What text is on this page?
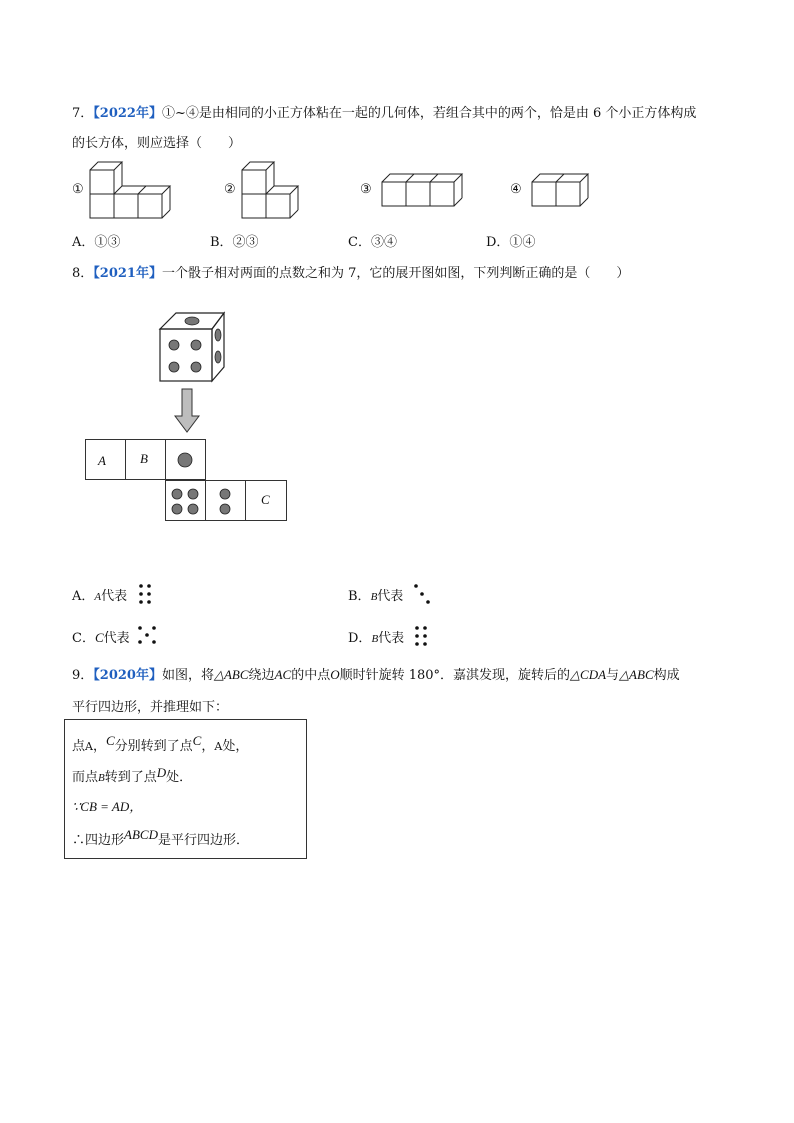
7．【2022年】①~④是由相同的小正方体粘在一起的几何体，若组合其中的两个，恰是由 6 个小正方体构成
的长方体，则应选择（　　）
①	②	③	④
A．①③	B．②③	C．③④	D．①④
8．【2021年】一个骰子相对两面的点数之和为 7，它的展开图如图，下列判断正确的是（　　）
A	B
C
A．A代表	B．B代表
C．C代表	D．B代表
9．【2020年】如图，将△ABC绕边AC的中点O顺时针旋转 180°．嘉淇发现，旋转后的△CDA与△ABC构成
平行四边形，并推理如下：
点A，C分别转到了点C，A处，
而点B转到了点D处．
∵CB = AD，
∴四边形ABCD是平行四边形．
